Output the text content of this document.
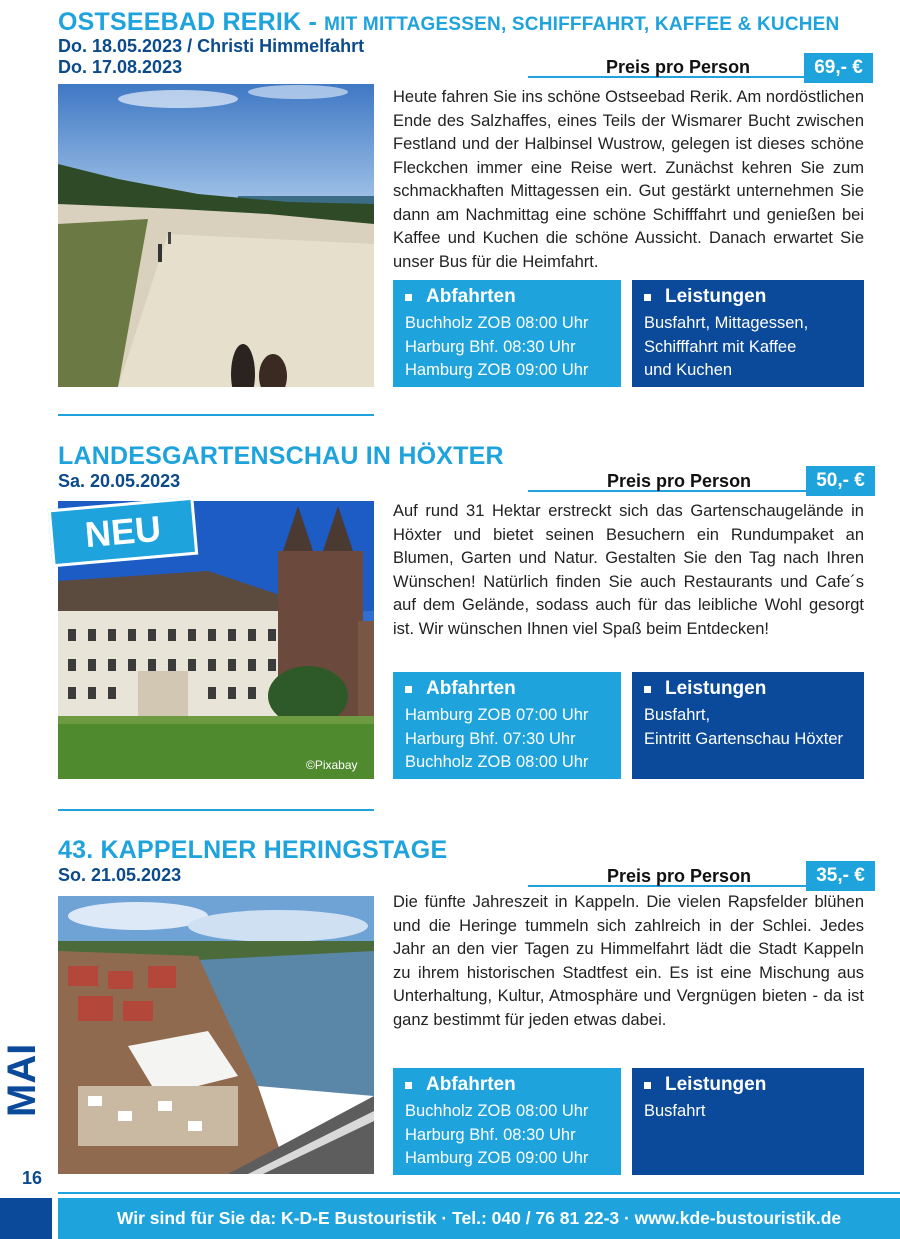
OSTSEEBAD RERIK - MIT MITTAGESSEN, SCHIFFFAHRT, KAFFEE & KUCHEN
Do. 18.05.2023 / Christi Himmelfahrt
Do. 17.08.2023	Preis pro Person	69,- €
Heute fahren Sie ins schöne Ostseebad Rerik. Am nordöstlichen Ende des Salzhaffes, eines Teils der Wismarer Bucht zwischen Festland und der Halbinsel Wustrow, gelegen ist dieses schöne Fleckchen immer eine Reise wert. Zunächst kehren Sie zum schmackhaften Mittagessen ein. Gut gestärkt unternehmen Sie dann am Nachmittag eine schöne Schifffahrt und genießen bei Kaffee und Kuchen die schöne Aussicht. Danach erwartet Sie unser Bus für die Heimfahrt.
Abfahrten
Buchholz ZOB 08:00 Uhr
Harburg Bhf. 08:30 Uhr
Hamburg ZOB 09:00 Uhr
Leistungen
Busfahrt, Mittagessen,
Schifffahrt mit Kaffee
und Kuchen
LANDESGARTENSCHAU IN HÖXTER
Sa. 20.05.2023	Preis pro Person	50,- €
NEU
©Pixabay
Auf rund 31 Hektar erstreckt sich das Gartenschaugelände in Höxter und bietet seinen Besuchern ein Rundumpaket an Blumen, Garten und Natur. Gestalten Sie den Tag nach Ihren Wünschen! Natürlich finden Sie auch Restaurants und Cafe´s auf dem Gelände, sodass auch für das leibliche Wohl gesorgt ist. Wir wünschen Ihnen viel Spaß beim Entdecken!
Abfahrten
Hamburg ZOB 07:00 Uhr
Harburg Bhf. 07:30 Uhr
Buchholz ZOB 08:00 Uhr
Leistungen
Busfahrt,
Eintritt Gartenschau Höxter
43. KAPPELNER HERINGSTAGE
So. 21.05.2023	Preis pro Person	35,- €
Die fünfte Jahreszeit in Kappeln. Die vielen Rapsfelder blühen und die Heringe tummeln sich zahlreich in der Schlei. Jedes Jahr an den vier Tagen zu Himmelfahrt lädt die Stadt Kappeln zu ihrem historischen Stadtfest ein. Es ist eine Mischung aus Unterhaltung, Kultur, Atmosphäre und Vergnügen bieten - da ist ganz bestimmt für jeden etwas dabei.
Abfahrten
Buchholz ZOB 08:00 Uhr
Harburg Bhf. 08:30 Uhr
Hamburg ZOB 09:00 Uhr
Leistungen
Busfahrt
MAI
16
Wir sind für Sie da: K-D-E Bustouristik · Tel.: 040 / 76 81 22-3 · www.kde-bustouristik.de
